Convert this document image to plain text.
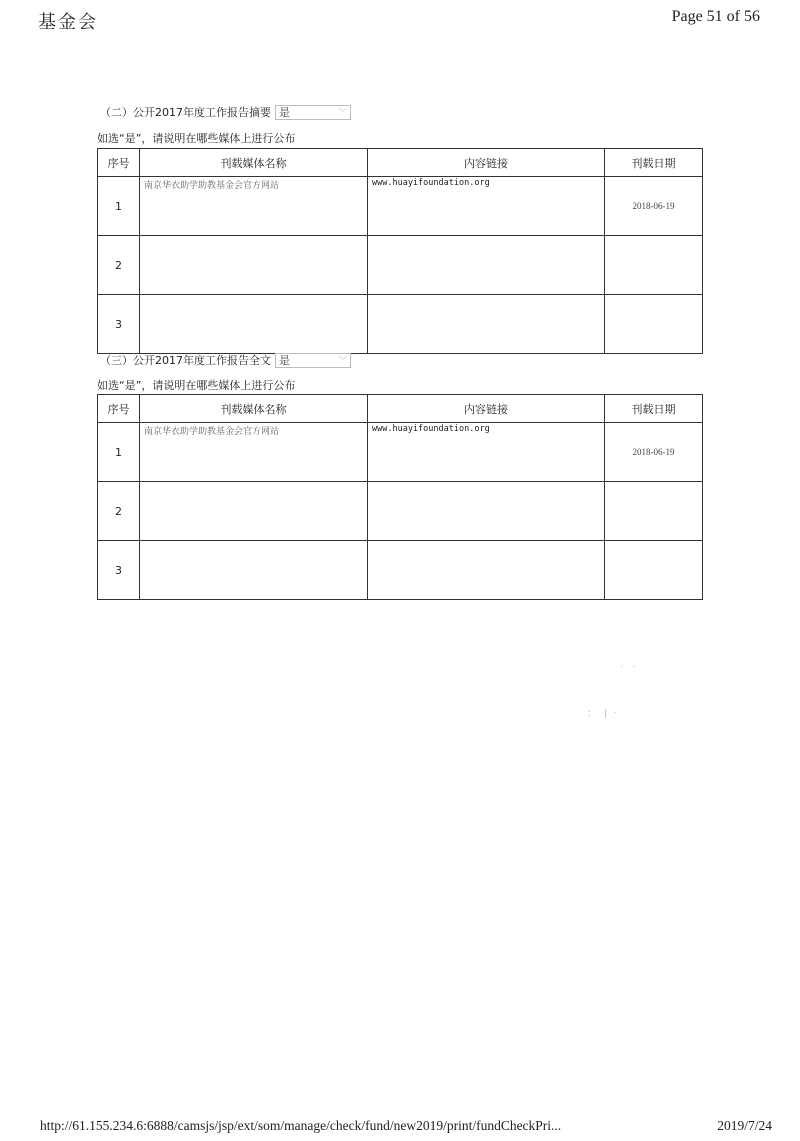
基金会	Page 51 of 56
（二）公开2017年度工作报告摘要 是	﹀
如选“是”，请说明在哪些媒体上进行公布
序号	刊载媒体名称	内容链接	刊载日期
1	南京华衣助学助教基金会官方网站	www.huayifoundation.org	2018-06-19
2			
3			
（三）公开2017年度工作报告全文 是	﹀
如选“是”，请说明在哪些媒体上进行公布
序号	刊载媒体名称	内容链接	刊载日期
1	南京华衣助学助教基金会官方网站	www.huayifoundation.org	2018-06-19
2			
3			
·   ·
ː    ǀ  ·
http://61.155.234.6:6888/camsjs/jsp/ext/som/manage/check/fund/new2019/print/fundCheckPri...	2019/7/24
